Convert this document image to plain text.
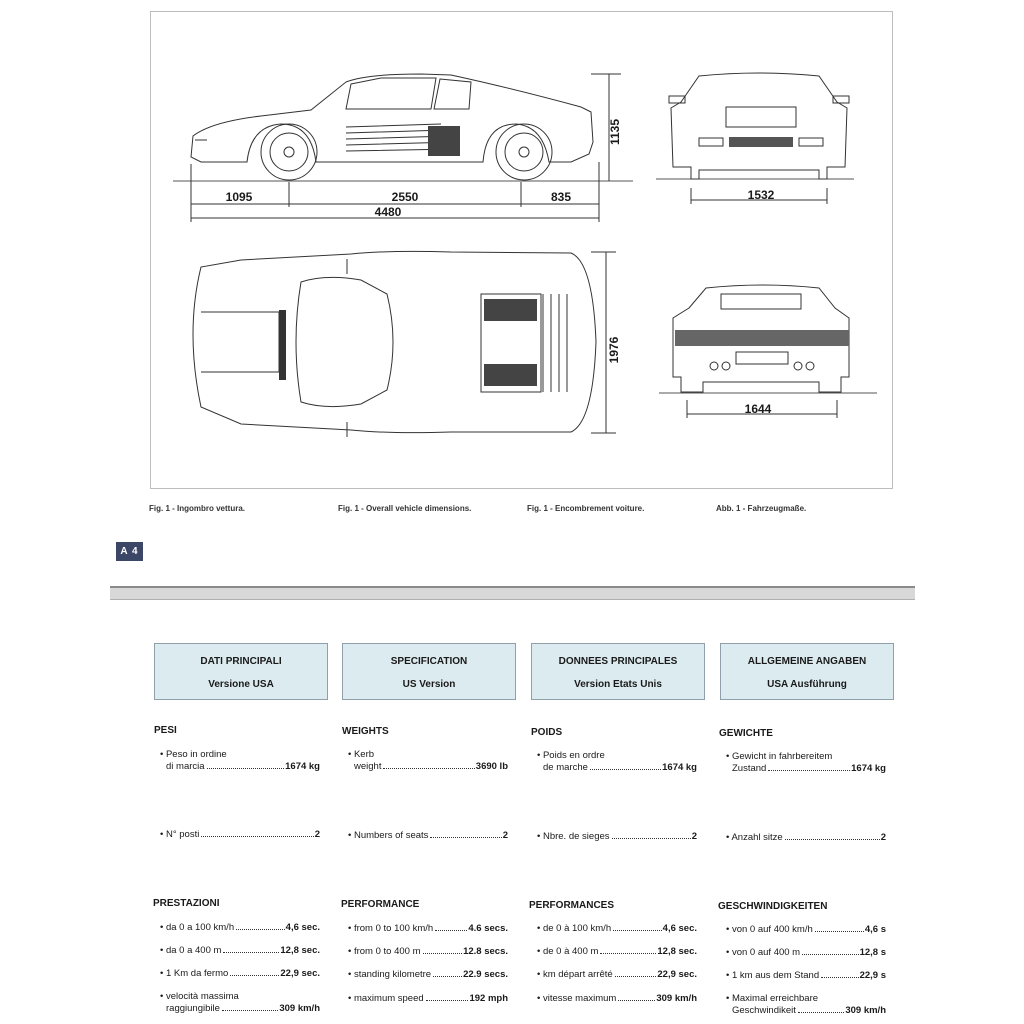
1095	2550	835
4480
1135
1532
1976
1644
Fig. 1 - Ingombro vettura.	Fig. 1 - Overall vehicle dimensions.	Fig. 1 - Encombrement voiture.	Abb. 1 - Fahrzeugmaße.
A 4
DATI PRINCIPALI
Versione USA
PESI
• Peso in ordine
di marcia	1674 kg
• N° posti	2
PRESTAZIONI
• da 0 a 100 km/h	4,6 sec.
• da 0 a 400 m	12,8 sec.
• 1 Km da fermo	22,9 sec.
• velocità massima
raggiungibile	309 km/h
SPECIFICATION
US Version
WEIGHTS
• Kerb
weight	3690 lb
• Numbers of seats	2
PERFORMANCE
• from 0 to 100 km/h	4.6 secs.
• from 0 to 400 m	12.8 secs.
• standing kilometre	22.9 secs.
• maximum speed	192 mph
DONNEES PRINCIPALES
Version Etats Unis
POIDS
• Poids en ordre
de marche	1674 kg
• Nbre. de sieges	2
PERFORMANCES
• de 0 à 100 km/h	4,6 sec.
• de 0 à 400 m	12,8 sec.
• km départ arrêté	22,9 sec.
• vitesse maximum	309 km/h
ALLGEMEINE ANGABEN
USA Ausführung
GEWICHTE
• Gewicht in fahrbereitem
Zustand	1674 kg
• Anzahl sitze	2
GESCHWINDIGKEITEN
• von 0 auf 400 km/h	4,6 s
• von 0 auf 400 m	12,8 s
• 1 km aus dem Stand	22,9 s
• Maximal erreichbare
Geschwindikeit	309 km/h
